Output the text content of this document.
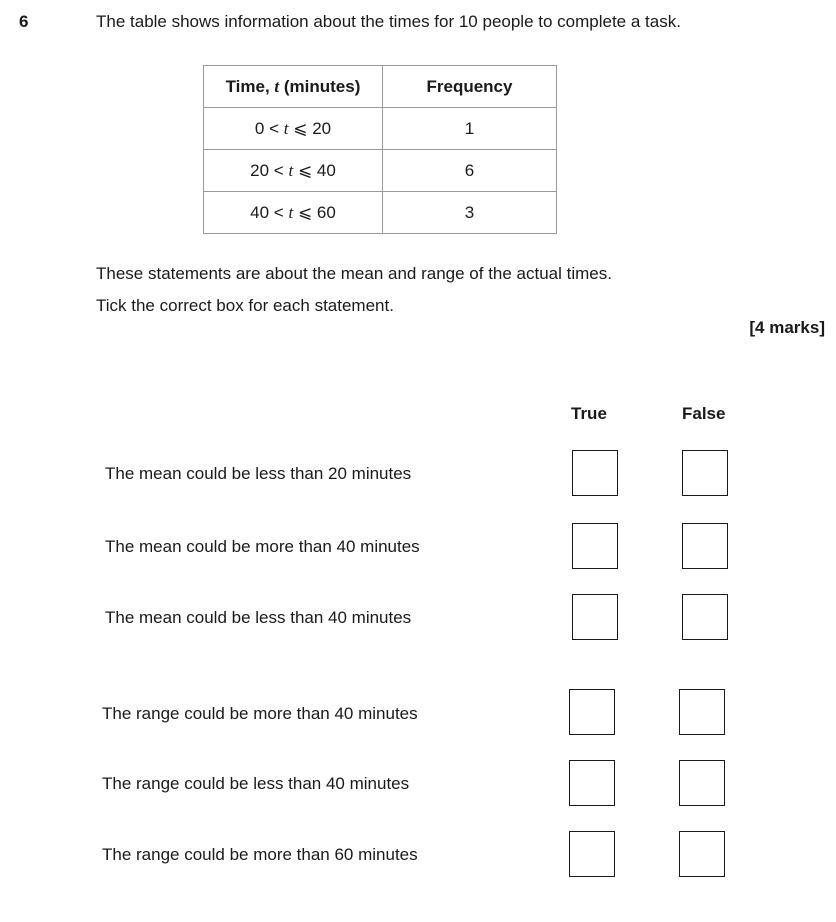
6	The table shows information about the times for 10 people to complete a task.
Time, t (minutes)	Frequency
0 < t ⩽ 20	1
20 < t ⩽ 40	6
40 < t ⩽ 60	3
These statements are about the mean and range of the actual times.
Tick the correct box for each statement.
[4 marks]
True	False
The mean could be less than 20 minutes
The mean could be more than 40 minutes
The mean could be less than 40 minutes
The range could be more than 40 minutes
The range could be less than 40 minutes
The range could be more than 60 minutes
